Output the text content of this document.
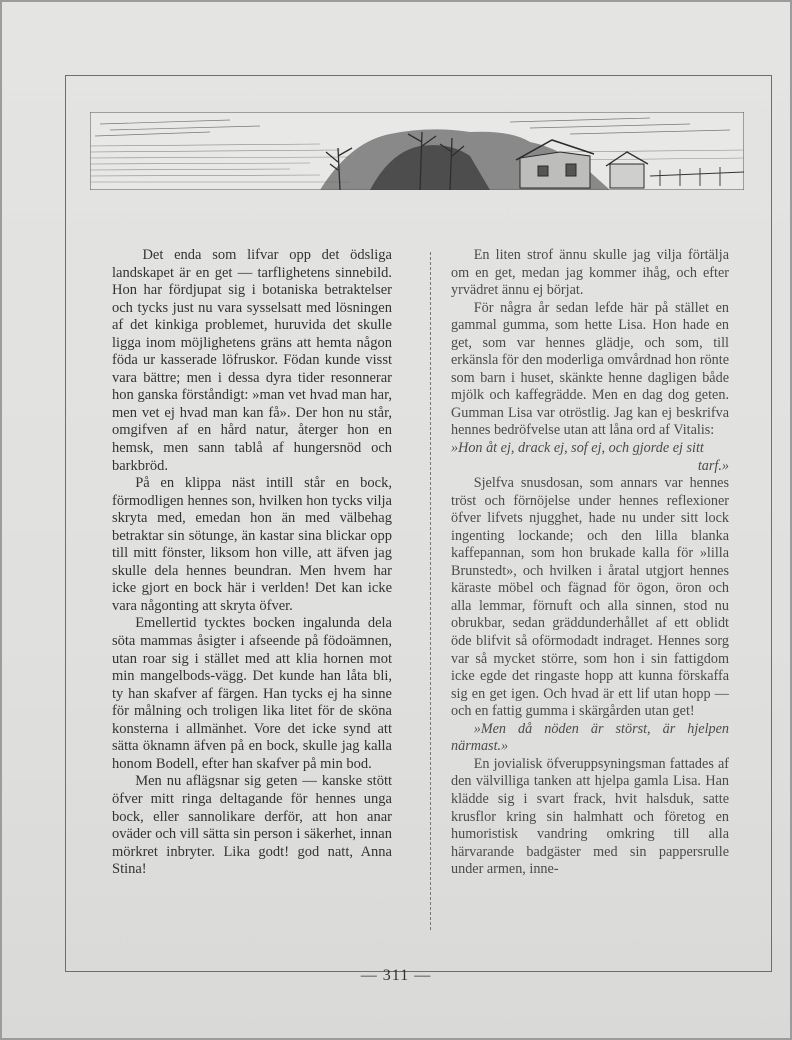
Det enda som lifvar opp det ödsliga landskapet är en get — tarflighetens sinnebild. Hon har fördjupat sig i botaniska betraktelser och tycks just nu vara sysselsatt med lösningen af det kinkiga problemet, huruvida det skulle ligga inom möjlighetens gräns att hemta någon föda ur kasserade löfruskor. Födan kunde visst vara bättre; men i dessa dyra tider resonnerar hon ganska förståndigt: »man vet hvad man har, men vet ej hvad man kan få». Der hon nu står, omgifven af en hård natur, återger hon en hemsk, men sann tablå af hungersnöd och barkbröd.

På en klippa näst intill står en bock, förmodligen hennes son, hvilken hon tycks vilja skryta med, emedan hon än med välbehag betraktar sin sötunge, än kastar sina blickar opp till mitt fönster, liksom hon ville, att äfven jag skulle dela hennes beundran. Men hvem har icke gjort en bock här i verlden! Det kan icke vara någonting att skryta öfver.

Emellertid tycktes bocken ingalunda dela söta mammas åsigter i afseende på födoämnen, utan roar sig i stället med att klia hornen mot min mangelbods-vägg. Det kunde han låta bli, ty han skafver af färgen. Han tycks ej ha sinne för målning och troligen lika litet för de sköna konsterna i allmänhet. Vore det icke synd att sätta öknamn äfven på en bock, skulle jag kalla honom Bodell, efter han skafver på min bod.

Men nu aflägsnar sig geten — kanske stött öfver mitt ringa deltagande för hennes unga bock, eller sannolikare derför, att hon anar oväder och vill sätta sin person i säkerhet, innan mörkret inbryter. Lika godt! god natt, Anna Stina!

En liten strof ännu skulle jag vilja förtälja om en get, medan jag kommer ihåg, och efter yrvädret ännu ej börjat.

För några år sedan lefde här på stället en gammal gumma, som hette Lisa. Hon hade en get, som var hennes glädje, och som, till erkänsla för den moderliga omvårdnad hon rönte som barn i huset, skänkte henne dagligen både mjölk och kaffegrädde. Men en dag dog geten. Gumman Lisa var otröstlig. Jag kan ej beskrifva hennes bedröfvelse utan att låna ord af Vitalis:

»Hon åt ej, drack ej, sof ej, och gjorde ej sitt

tarf.»

Sjelfva snusdosan, som annars var hennes tröst och förnöjelse under hennes reflexioner öfver lifvets njugghet, hade nu under sitt lock ingenting lockande; och den lilla blanka kaffepannan, som hon brukade kalla för »lilla Brunstedt», och hvilken i åratal utgjort hennes käraste möbel och fägnad för ögon, öron och alla lemmar, förnuft och alla sinnen, stod nu obrukbar, sedan gräddunderhållet af ett oblidt öde blifvit så oförmodadt indraget. Hennes sorg var så mycket större, som hon i sin fattigdom icke egde det ringaste hopp att kunna förskaffa sig en get igen. Och hvad är ett lif utan hopp — och en fattig gumma i skärgården utan get!

»Men då nöden är störst, är hjelpen närmast.»

En jovialisk öfveruppsyningsman fattades af den välvilliga tanken att hjelpa gamla Lisa. Han klädde sig i svart frack, hvit halsduk, satte krusflor kring sin halmhatt och företog en humoristisk vandring omkring till alla härvarande badgäster med sin pappersrulle under armen, inne-

— 311 —
